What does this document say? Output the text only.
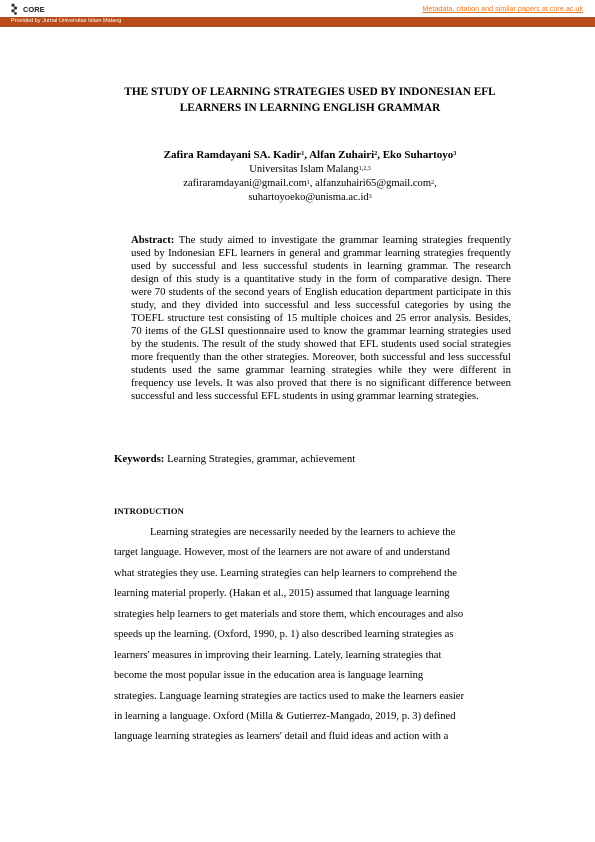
CORE	Metadata, citation and similar papers at core.ac.uk
Provided by Jurnal Universitas Islam Malang
THE STUDY OF LEARNING STRATEGIES USED BY INDONESIAN EFL
LEARNERS IN LEARNING ENGLISH GRAMMAR
Zafira Ramdayani SA. Kadir$^1$, Alfan Zuhairi$^2$, Eko Suhartoyo$^3$
Universitas Islam Malang$^{1,2,3}$
zafiraramdayani@gmail.com$^1$, alfanzuhairi65@gmail.com$^2$,
$suhartoyoeko@unisma.ac.id^3$
Abstract: The study aimed to investigate the grammar learning strategies frequently used by Indonesian EFL learners in general and grammar learning strategies frequently used by successful and less successful students in learning grammar. The research design of this study is a quantitative study in the form of comparative design. There were 70 students of the second years of English education department participate in this study, and they divided into successful and less successful categories by using the TOEFL structure test consisting of 15 multiple choices and 25 error analysis. Besides, 70 items of the GLSI questionnaire used to know the grammar learning strategies used by the students. The result of the study showed that EFL students used social strategies more frequently than the other strategies. Moreover, both successful and less successful students used the same grammar learning strategies while they were different in frequency use levels. It was also proved that there is no significant difference between successful and less successful EFL students in using grammar learning strategies.
Keywords: Learning Strategies, grammar, achievement
INTRODUCTION
Learning strategies are necessarily needed by the learners to achieve the
target language. However, most of the learners are not aware of and understand
what strategies they use. Learning strategies can help learners to comprehend the
learning material properly. (Hakan et al., 2015) assumed that language learning
strategies help learners to get materials and store them, which encourages and also
speeds up the learning. (Oxford, 1990, p. 1) also described learning strategies as
learners' measures in improving their learning. Lately, learning strategies that
become the most popular issue in the education area is language learning
strategies. Language learning strategies are tactics used to make the learners easier
in learning a language. Oxford (Milla & Gutierrez-Mangado, 2019, p. 3) defined
language learning strategies as learners' detail and fluid ideas and action with a
